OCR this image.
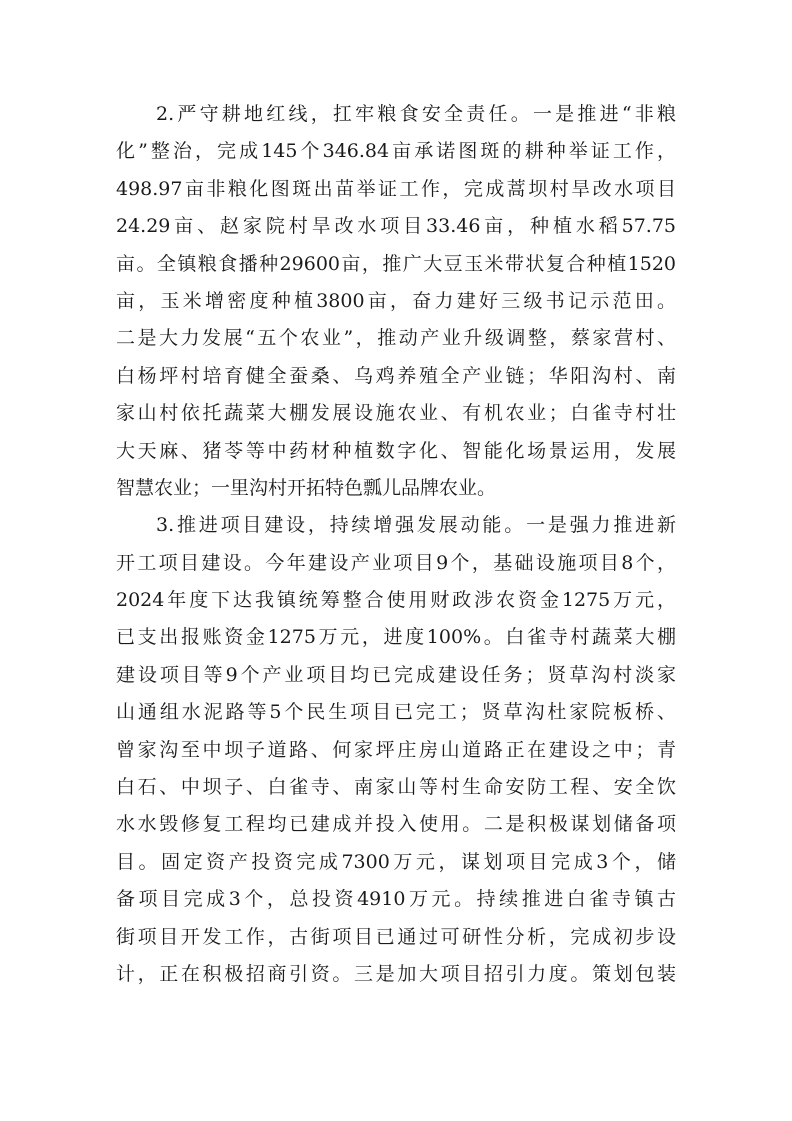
2.严守耕地红线，扛牢粮食安全责任。一是推进“非粮
化”整治，完成145个346.84亩承诺图斑的耕种举证工作，
498.97亩非粮化图斑出苗举证工作，完成蒿坝村旱改水项目
24.29亩、赵家院村旱改水项目33.46亩，种植水稻57.75
亩。全镇粮食播种29600亩，推广大豆玉米带状复合种植1520
亩，玉米增密度种植3800亩，奋力建好三级书记示范田。
二是大力发展“五个农业”，推动产业升级调整，蔡家营村、
白杨坪村培育健全蚕桑、乌鸡养殖全产业链；华阳沟村、南
家山村依托蔬菜大棚发展设施农业、有机农业；白雀寺村壮
大天麻、猪苓等中药材种植数字化、智能化场景运用，发展
智慧农业；一里沟村开拓特色瓢儿品牌农业。
3.推进项目建设，持续增强发展动能。一是强力推进新
开工项目建设。今年建设产业项目9个，基础设施项目8个，
2024年度下达我镇统筹整合使用财政涉农资金1275万元，
已支出报账资金1275万元，进度100%。白雀寺村蔬菜大棚
建设项目等9个产业项目均已完成建设任务；贤草沟村淡家
山通组水泥路等5个民生项目已完工；贤草沟杜家院板桥、
曾家沟至中坝子道路、何家坪庄房山道路正在建设之中；青
白石、中坝子、白雀寺、南家山等村生命安防工程、安全饮
水水毁修复工程均已建成并投入使用。二是积极谋划储备项
目。固定资产投资完成7300万元，谋划项目完成3个，储
备项目完成3个，总投资4910万元。持续推进白雀寺镇古
街项目开发工作，古街项目已通过可研性分析，完成初步设
计，正在积极招商引资。三是加大项目招引力度。策划包装
